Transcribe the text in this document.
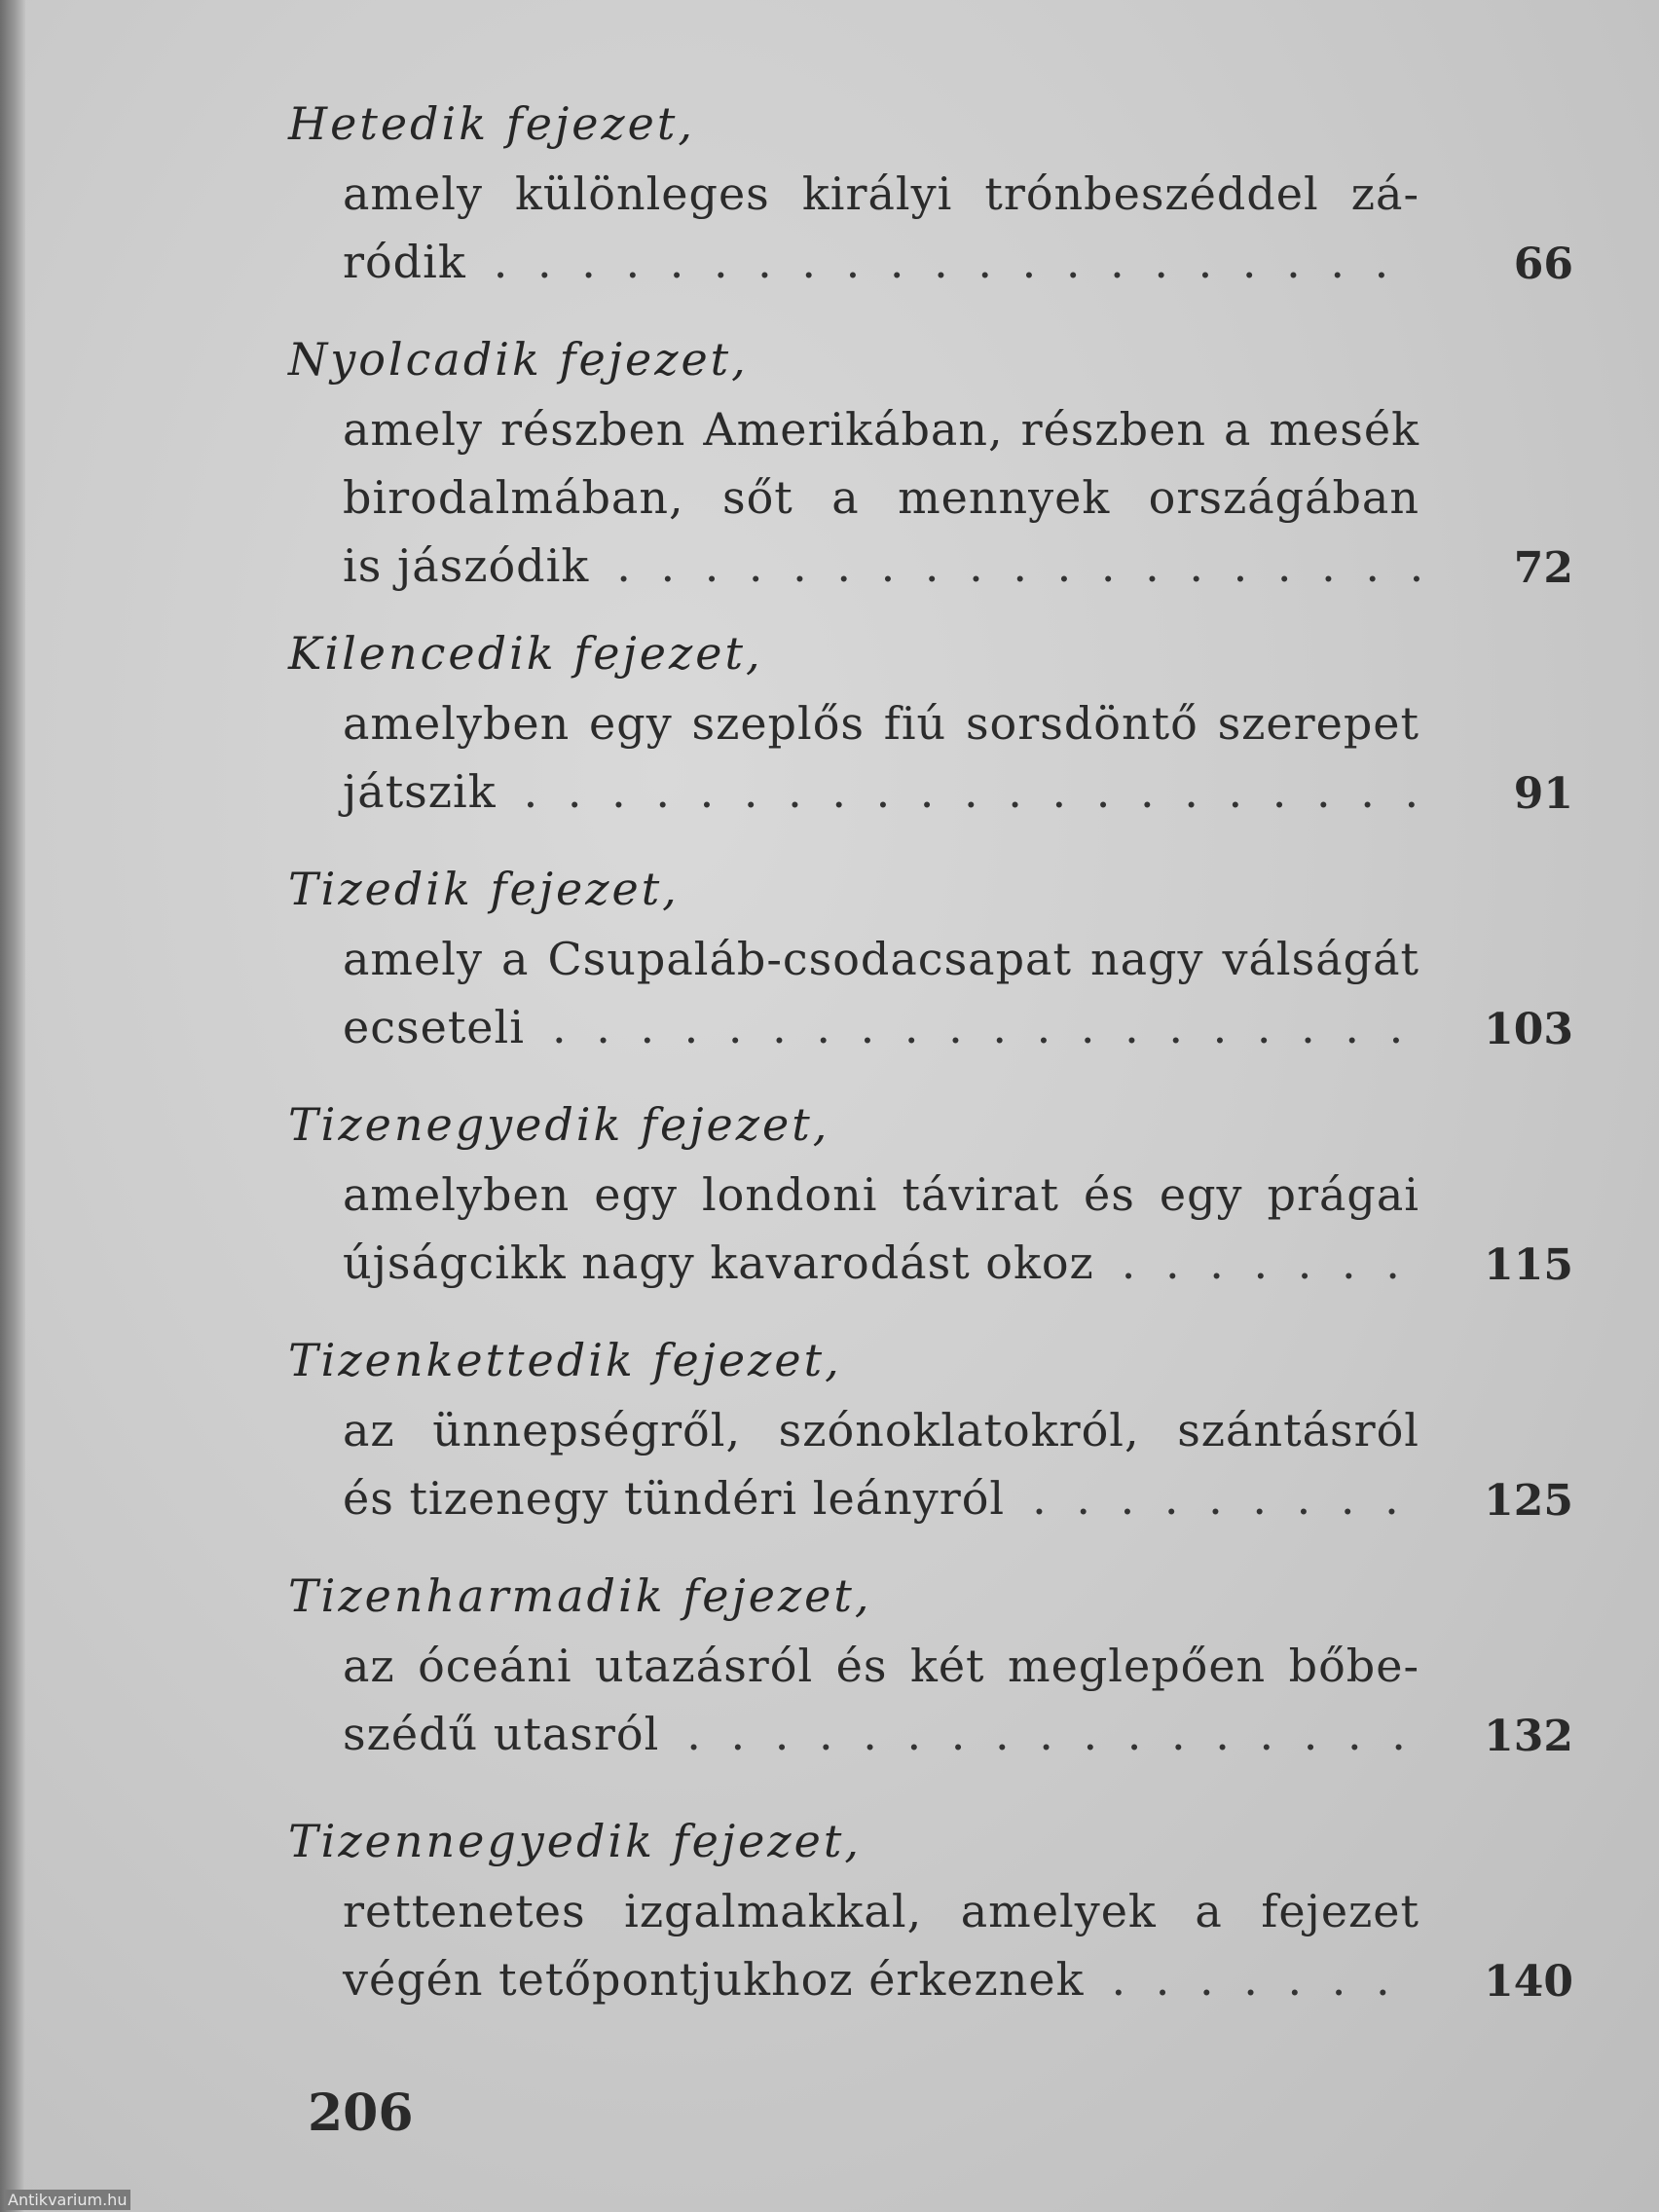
Hetedik fejezet,
amely különleges királyi trónbeszéddel zá-
ródik . . .	66
Nyolcadik fejezet,
amely részben Amerikában, részben a mesék
birodalmában, sőt a mennyek országában
is jászódik . . .	72
Kilencedik fejezet,
amelyben egy szeplős fiú sorsdöntő szerepet
játszik . . .	91
Tizedik fejezet,
amely a Csupaláb-csodacsapat nagy válságát
ecseteli . . .	103
Tizenegyedik fejezet,
amelyben egy londoni távirat és egy prágai
újságcikk nagy kavarodást okoz . . .	115
Tizenkettedik fejezet,
az ünnepségről, szónoklatokról, szántásról
és tizenegy tündéri leányról . . .	125
Tizenharmadik fejezet,
az óceáni utazásról és két meglepően bőbe-
szédű utasról . . .	132
Tizennegyedik fejezet,
rettenetes izgalmakkal, amelyek a fejezet
végén tetőpontjukhoz érkeznek . . .	140
206
Antikvarium.hu
